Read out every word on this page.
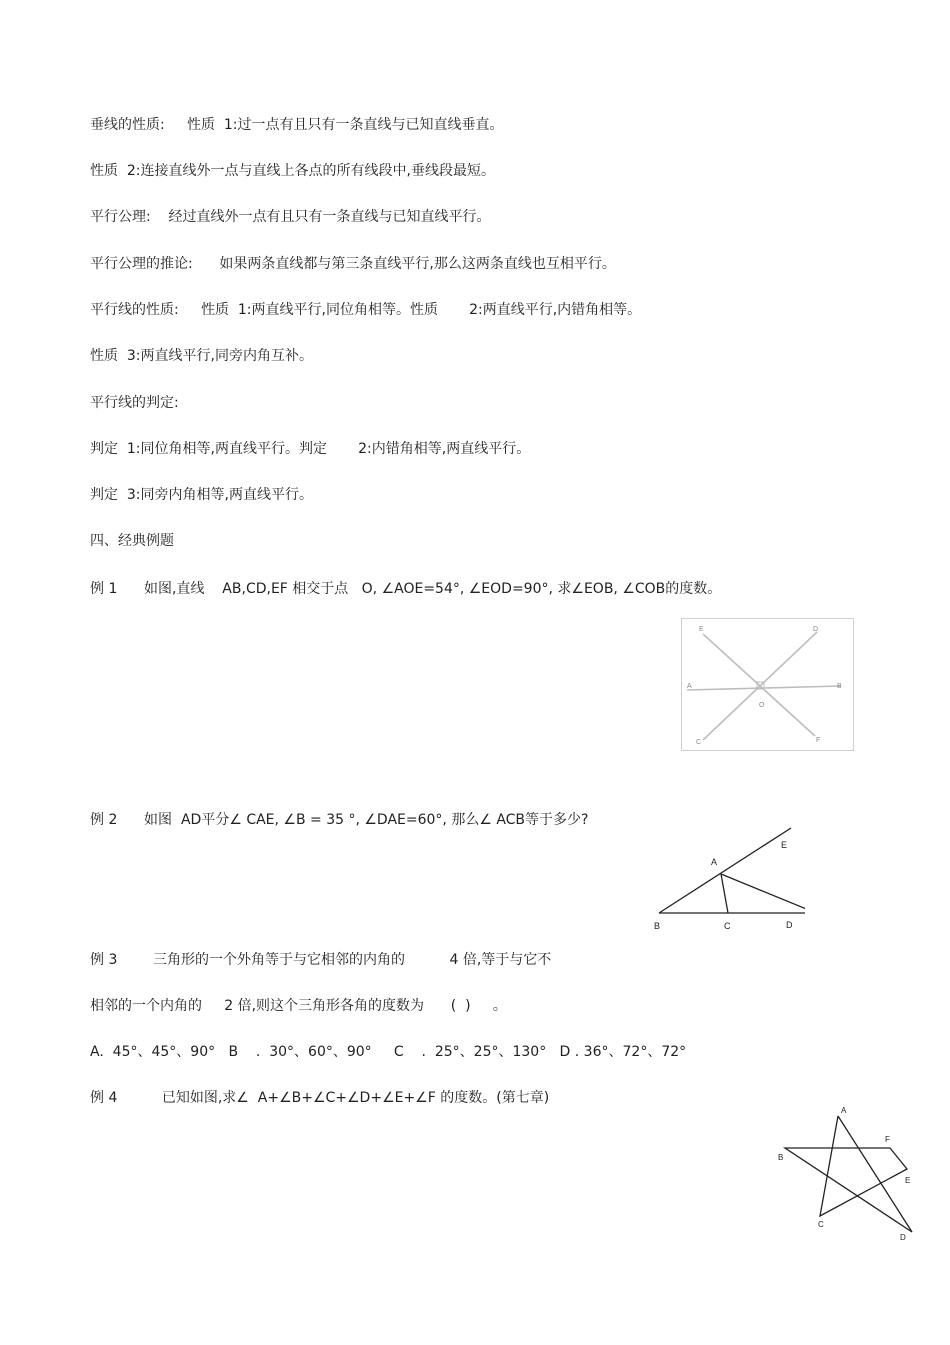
垂线的性质:     性质  1:过一点有且只有一条直线与已知直线垂直。
性质  2:连接直线外一点与直线上各点的所有线段中,垂线段最短。
平行公理:    经过直线外一点有且只有一条直线与已知直线平行。
平行公理的推论:      如果两条直线都与第三条直线平行,那么这两条直线也互相平行。
平行线的性质:     性质  1:两直线平行,同位角相等。性质       2:两直线平行,内错角相等。
性质  3:两直线平行,同旁内角互补。
平行线的判定:
判定  1:同位角相等,两直线平行。判定       2:内错角相等,两直线平行。
判定  3:同旁内角相等,两直线平行。
四、经典例题
例 1      如图,直线    AB,CD,EF 相交于点   O, ∠AOE=54°, ∠EOD=90°, 求∠EOB, ∠COB的度数。
例 2      如图  AD平分∠ CAE, ∠B = 35 °, ∠DAE=60°, 那么∠ ACB等于多少?
例 3        三角形的一个外角等于与它相邻的内角的          4 倍,等于与它不
相邻的一个内角的     2 倍,则这个三角形各角的度数为      (  )     。
A.  45°、45°、90°   B    .  30°、60°、90°     C    .  25°、25°、130°   D . 36°、72°、72°
例 4          已知如图,求∠  A+∠B+∠C+∠D+∠E+∠F 的度数。(第七章)
E	D
A	B
O
C	F
E
A
B	C	D
A
F
B
E
C
D
